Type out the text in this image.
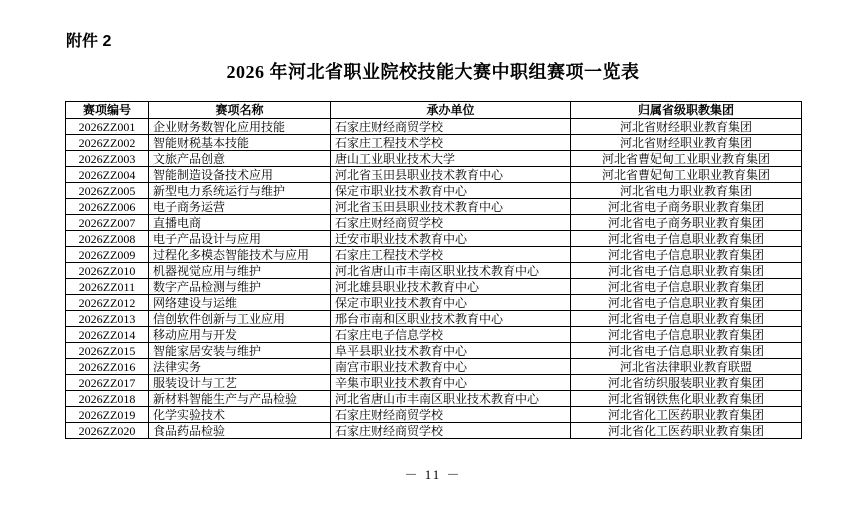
附件 2
2026 年河北省职业院校技能大赛中职组赛项一览表
赛项编号	赛项名称	承办单位	归属省级职教集团
2026ZZ001	企业财务数智化应用技能	石家庄财经商贸学校	河北省财经职业教育集团
2026ZZ002	智能财税基本技能	石家庄工程技术学校	河北省财经职业教育集团
2026ZZ003	文旅产品创意	唐山工业职业技术大学	河北省曹妃甸工业职业教育集团
2026ZZ004	智能制造设备技术应用	河北省玉田县职业技术教育中心	河北省曹妃甸工业职业教育集团
2026ZZ005	新型电力系统运行与维护	保定市职业技术教育中心	河北省电力职业教育集团
2026ZZ006	电子商务运营	河北省玉田县职业技术教育中心	河北省电子商务职业教育集团
2026ZZ007	直播电商	石家庄财经商贸学校	河北省电子商务职业教育集团
2026ZZ008	电子产品设计与应用	迁安市职业技术教育中心	河北省电子信息职业教育集团
2026ZZ009	过程化多模态智能技术与应用	石家庄工程技术学校	河北省电子信息职业教育集团
2026ZZ010	机器视觉应用与维护	河北省唐山市丰南区职业技术教育中心	河北省电子信息职业教育集团
2026ZZ011	数字产品检测与维护	河北雄县职业技术教育中心	河北省电子信息职业教育集团
2026ZZ012	网络建设与运维	保定市职业技术教育中心	河北省电子信息职业教育集团
2026ZZ013	信创软件创新与工业应用	邢台市南和区职业技术教育中心	河北省电子信息职业教育集团
2026ZZ014	移动应用与开发	石家庄电子信息学校	河北省电子信息职业教育集团
2026ZZ015	智能家居安装与维护	阜平县职业技术教育中心	河北省电子信息职业教育集团
2026ZZ016	法律实务	南宫市职业技术教育中心	河北省法律职业教育联盟
2026ZZ017	服装设计与工艺	辛集市职业技术教育中心	河北省纺织服装职业教育集团
2026ZZ018	新材料智能生产与产品检验	河北省唐山市丰南区职业技术教育中心	河北省钢铁焦化职业教育集团
2026ZZ019	化学实验技术	石家庄财经商贸学校	河北省化工医药职业教育集团
2026ZZ020	食品药品检验	石家庄财经商贸学校	河北省化工医药职业教育集团
－ 11 －
